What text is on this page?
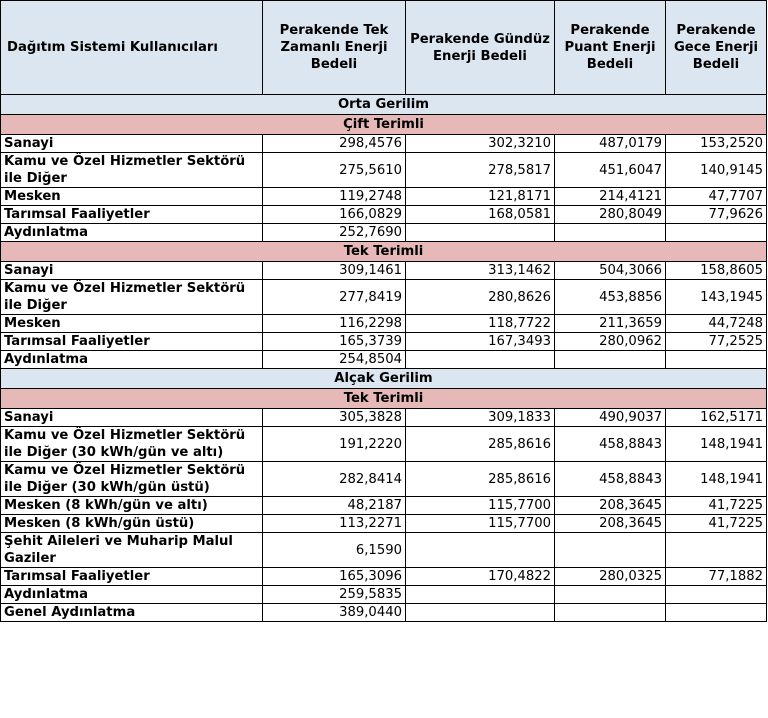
Dağıtım Sistemi Kullanıcıları	Perakende Tek Zamanlı Enerji Bedeli	Perakende Gündüz Enerji Bedeli	Perakende Puant Enerji Bedeli	Perakende Gece Enerji Bedeli
Orta Gerilim				
Çift Terimli				
Sanayi	298,4576	302,3210	487,0179	153,2520
Kamu ve Özel Hizmetler Sektörü ile Diğer	275,5610	278,5817	451,6047	140,9145
Mesken	119,2748	121,8171	214,4121	47,7707
Tarımsal Faaliyetler	166,0829	168,0581	280,8049	77,9626
Aydınlatma	252,7690			
Tek Terimli				
Sanayi	309,1461	313,1462	504,3066	158,8605
Kamu ve Özel Hizmetler Sektörü ile Diğer	277,8419	280,8626	453,8856	143,1945
Mesken	116,2298	118,7722	211,3659	44,7248
Tarımsal Faaliyetler	165,3739	167,3493	280,0962	77,2525
Aydınlatma	254,8504			
Alçak Gerilim				
Tek Terimli				
Sanayi	305,3828	309,1833	490,9037	162,5171
Kamu ve Özel Hizmetler Sektörü ile Diğer (30 kWh/gün ve altı)	191,2220	285,8616	458,8843	148,1941
Kamu ve Özel Hizmetler Sektörü ile Diğer (30 kWh/gün üstü)	282,8414	285,8616	458,8843	148,1941
Mesken (8 kWh/gün ve altı)	48,2187	115,7700	208,3645	41,7225
Mesken (8 kWh/gün üstü)	113,2271	115,7700	208,3645	41,7225
Şehit Aileleri ve Muharip Malul Gaziler	6,1590			
Tarımsal Faaliyetler	165,3096	170,4822	280,0325	77,1882
Aydınlatma	259,5835			
Genel Aydınlatma	389,0440			
